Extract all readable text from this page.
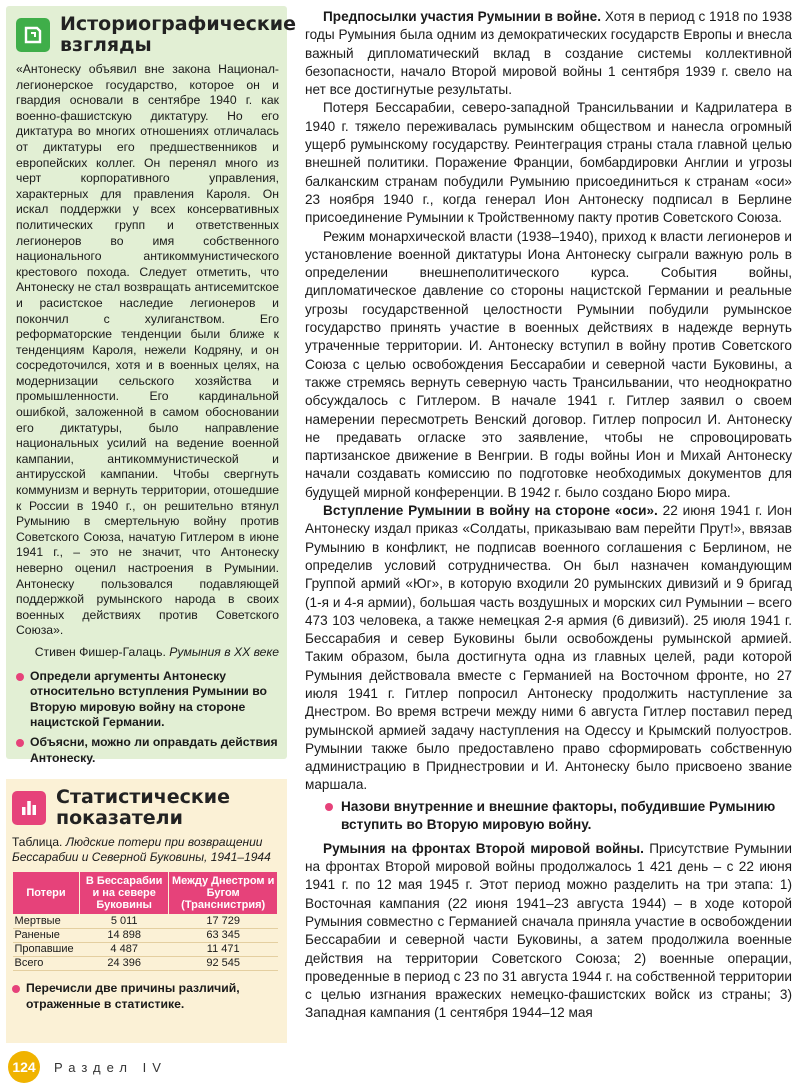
Историографические взгляды

«Антонеску объявил вне закона Национал-легионерское государство, которое он и гвардия основали в сентябре 1940 г. как военно-фашистскую диктатуру. Но его диктатура во многих отношениях отличалась от диктатуры его предшественников и европейских коллег. Он перенял много из черт корпоративного управления, характерных для правления Кароля. Он искал поддержки у всех консервативных политических групп и ответственных легионеров во имя собственного национального антикоммунистического крестового похода. Следует отметить, что Антонеску не стал возвращать антисемитское и расистское наследие легионеров и покончил с хулиганством. Его реформаторские тенденции были ближе к тенденциям Кароля, нежели Кодряну, и он сосредоточился, хотя и в военных целях, на модернизации сельского хозяйства и промышленности. Его кардинальной ошибкой, заложенной в самом обосновании его диктатуры, было направление национальных усилий на ведение военной кампании, антикоммунистической и антирусской кампании. Чтобы свергнуть коммунизм и вернуть территории, отошедшие к России в 1940 г., он решительно втянул Румынию в смертельную войну против Советского Союза, начатую Гитлером в июне 1941 г., – это не значит, что Антонеску неверно оценил настроения в Румынии. Антонеску пользовался подавляющей поддержкой румынского народа в своих военных действиях против Советского Союза».

Стивен Фишер-Галаць. Румыния в XX веке

Определи аргументы Антонеску относительно вступления Румынии во Вторую мировую войну на стороне нацистской Германии.
Объясни, можно ли оправдать действия Антонеску.
Статистические показатели

Таблица. Людские потери при возвращении Бессарабии и Северной Буковины, 1941–1944

Потери	В Бессарабии и на севере Буковины	Между Днестром и Бугом (Транснистрия)
Мертвые	5 011	17 729
Раненые	14 898	63 345
Пропавшие	4 487	11 471
Всего	24 396	92 545
Перечисли две причины различий, отраженные в статистике.

Предпосылки участия Румынии в войне. Хотя в период с 1918 по 1938 годы Румыния была одним из демократических государств Европы и внесла важный дипломатический вклад в создание системы коллективной безопасности, начало Второй мировой войны 1 сентября 1939 г. свело на нет все достигнутые результаты.

Потеря Бессарабии, северо-западной Трансильвании и Кадрилатера в 1940 г. тяжело переживалась румынским обществом и нанесла огромный ущерб румынскому государству. Реинтеграция страны стала главной целью внешней политики. Поражение Франции, бомбардировки Англии и угрозы балканским странам побудили Румынию присоединиться к странам «оси» 23 ноября 1940 г., когда генерал Ион Антонеску подписал в Берлине присоединение Румынии к Тройственному пакту против Советского Союза.

Режим монархической власти (1938–1940), приход к власти легионеров и установление военной диктатуры Иона Антонеску сыграли важную роль в определении внешнеполитического курса. События войны, дипломатическое давление со стороны нацистской Германии и реальные угрозы государственной целостности Румынии побудили румынское государство принять участие в военных действиях в надежде вернуть утраченные территории. И. Антонеску вступил в войну против Советского Союза с целью освобождения Бессарабии и северной части Буковины, а также стремясь вернуть северную часть Трансильвании, что неоднократно обсуждалось с Гитлером. В начале 1941 г. Гитлер заявил о своем намерении пересмотреть Венский договор. Гитлер попросил И. Антонеску не предавать огласке это заявление, чтобы не спровоцировать партизанское движение в Венгрии. В годы войны Ион и Михай Антонеску начали создавать комиссию по подготовке необходимых документов для будущей мирной конференции. В 1942 г. было создано Бюро мира.

Вступление Румынии в войну на стороне «оси». 22 июня 1941 г. Ион Антонеску издал приказ «Солдаты, приказываю вам перейти Прут!», ввязав Румынию в конфликт, не подписав военного соглашения с Берлином, не определив условий сотрудничества. Он был назначен командующим Группой армий «Юг», в которую входили 20 румынских дивизий и 9 бригад (1-я и 4-я армии), большая часть воздушных и морских сил Румынии – всего 473 103 человека, а также немецкая 2-я армия (6 дивизий). 25 июля 1941 г. Бессарабия и север Буковины были освобождены румынской армией. Таким образом, была достигнута одна из главных целей, ради которой Румыния действовала вместе с Германией на Восточном фронте, но 27 июля 1941 г. Гитлер попросил Антонеску продолжить наступление за Днестром. Во время встречи между ними 6 августа Гитлер поставил перед румынской армией задачу наступления на Одессу и Крымский полуостров. Румынии также было предоставлено право сформировать собственную администрацию в Приднестровии и И. Антонеску было присвоено звание маршала.

Назови внутренние и внешние факторы, побудившие Румынию вступить во Вторую мировую войну.

Румыния на фронтах Второй мировой войны. Присутствие Румынии на фронтах Второй мировой войны продолжалось 1 421 день – с 22 июня 1941 г. по 12 мая 1945 г. Этот период можно разделить на три этапа: 1) Восточная кампания (22 июня 1941–23 августа 1944) – в ходе которой Румыния совместно с Германией сначала приняла участие в освобождении Бессарабии и северной части Буковины, а затем продолжила военные действия на территории Советского Союза; 2) военные операции, проведенные в период с 23 по 31 августа 1944 г. на собственной территории с целью изгнания вражеских немецко-фашистских войск из страны; 3) Западная кампания (1 сентября 1944–12 мая

124	Раздел IV
